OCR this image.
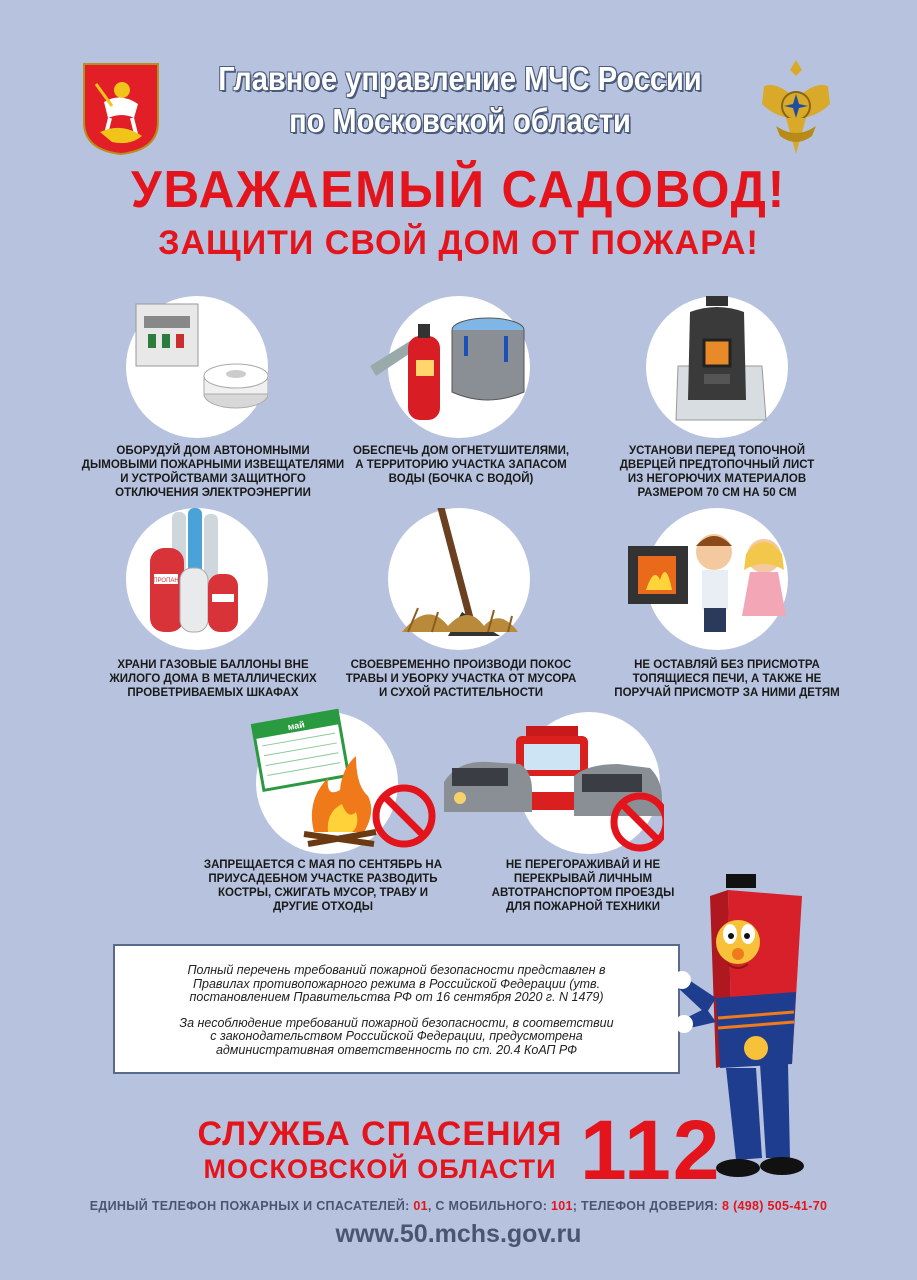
Главное управление МЧС России
по Московской области
УВАЖАЕМЫЙ САДОВОД!
ЗАЩИТИ СВОЙ ДОМ ОТ ПОЖАРА!
ОБОРУДУЙ ДОМ АВТОНОМНЫМИ
ДЫМОВЫМИ ПОЖАРНЫМИ ИЗВЕЩАТЕЛЯМИ
И УСТРОЙСТВАМИ ЗАЩИТНОГО
ОТКЛЮЧЕНИЯ ЭЛЕКТРОЭНЕРГИИ
ОБЕСПЕЧЬ ДОМ ОГНЕТУШИТЕЛЯМИ,
А ТЕРРИТОРИЮ УЧАСТКА ЗАПАСОМ
ВОДЫ (БОЧКА С ВОДОЙ)
УСТАНОВИ ПЕРЕД ТОПОЧНОЙ
ДВЕРЦЕЙ ПРЕДТОПОЧНЫЙ ЛИСТ
ИЗ НЕГОРЮЧИХ МАТЕРИАЛОВ
РАЗМЕРОМ 70 СМ НА 50 СМ
ПРОПАН
ХРАНИ ГАЗОВЫЕ БАЛЛОНЫ ВНЕ
ЖИЛОГО ДОМА В МЕТАЛЛИЧЕСКИХ
ПРОВЕТРИВАЕМЫХ ШКАФАХ
СВОЕВРЕМЕННО ПРОИЗВОДИ ПОКОС
ТРАВЫ И УБОРКУ УЧАСТКА ОТ МУСОРА
И СУХОЙ РАСТИТЕЛЬНОСТИ
НЕ ОСТАВЛЯЙ БЕЗ ПРИСМОТРА
ТОПЯЩИЕСЯ ПЕЧИ, А ТАКЖЕ НЕ
ПОРУЧАЙ ПРИСМОТР ЗА НИМИ ДЕТЯМ
май
ЗАПРЕЩАЕТСЯ С МАЯ ПО СЕНТЯБРЬ НА
ПРИУСАДЕБНОМ УЧАСТКЕ РАЗВОДИТЬ
КОСТРЫ, СЖИГАТЬ МУСОР, ТРАВУ И
ДРУГИЕ ОТХОДЫ
НЕ ПЕРЕГОРАЖИВАЙ И НЕ
ПЕРЕКРЫВАЙ ЛИЧНЫМ
АВТОТРАНСПОРТОМ ПРОЕЗДЫ
ДЛЯ ПОЖАРНОЙ ТЕХНИКИ

Полный перечень требований пожарной безопасности представлен в
Правилах противопожарного режима в Российской Федерации (утв.
постановлением Правительства РФ от 16 сентября 2020 г. N 1479)

За несоблюдение требований пожарной безопасности, в соответствии
с законодательством Российской Федерации, предусмотрена
административная ответственность по ст. 20.4 КоАП РФ

СЛУЖБА СПАСЕНИЯ
МОСКОВСКОЙ ОБЛАСТИ 112
ЕДИНЫЙ ТЕЛЕФОН ПОЖАРНЫХ И СПАСАТЕЛЕЙ: 01, С МОБИЛЬНОГО: 101; ТЕЛЕФОН ДОВЕРИЯ: 8 (498) 505-41-70
www.50.mchs.gov.ru
